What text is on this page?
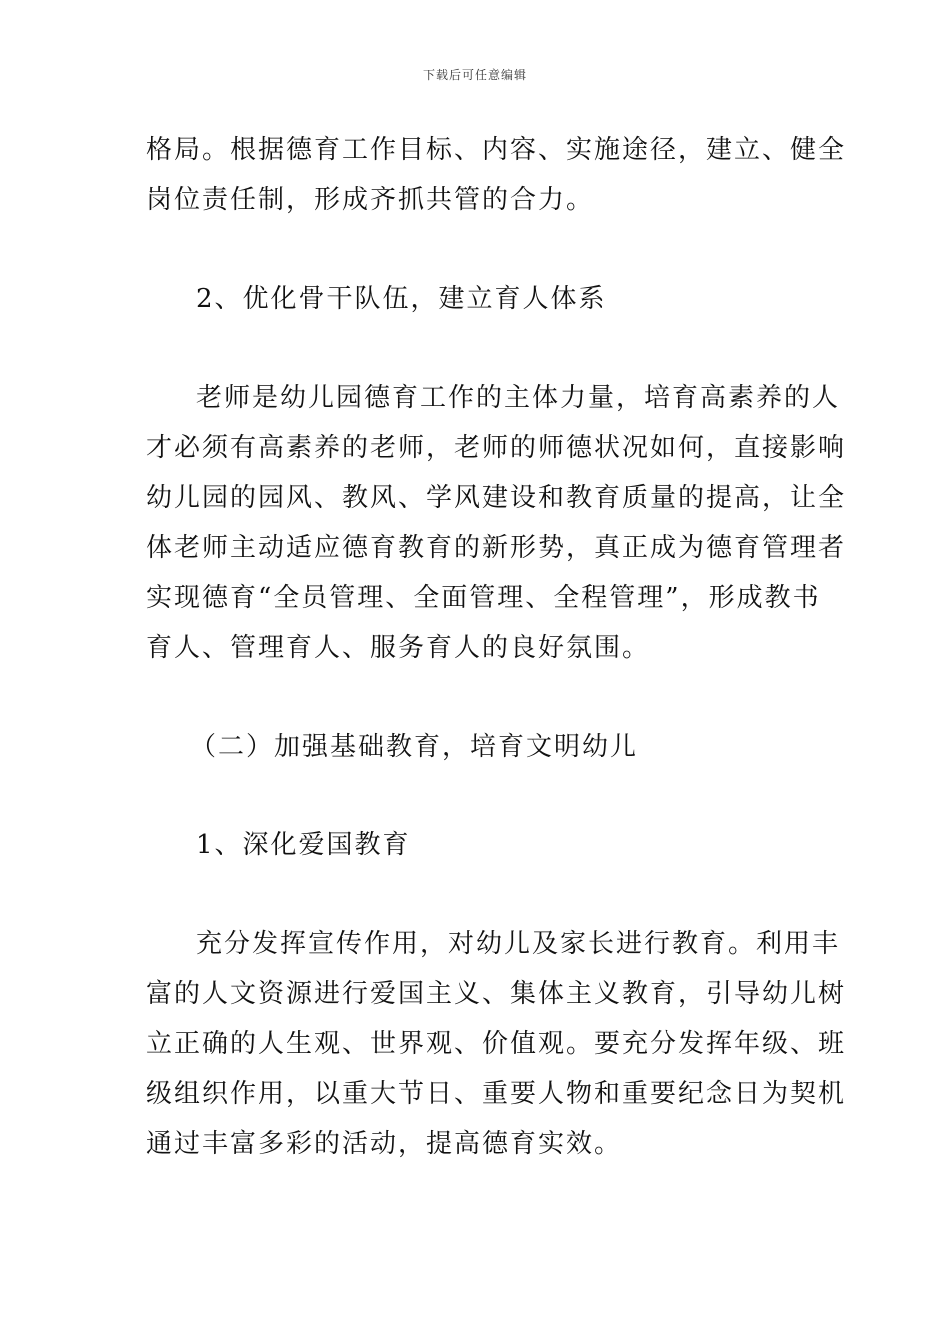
下载后可任意编辑
格局。根据德育工作目标、内容、实施途径，建立、健全
岗位责任制，形成齐抓共管的合力。
2、优化骨干队伍，建立育人体系
老师是幼儿园德育工作的主体力量，培育高素养的人
才必须有高素养的老师，老师的师德状况如何，直接影响
幼儿园的园风、教风、学风建设和教育质量的提高，让全
体老师主动适应德育教育的新形势，真正成为德育管理者
实现德育“全员管理、全面管理、全程管理”，形成教书
育人、管理育人、服务育人的良好氛围。
（二）加强基础教育，培育文明幼儿
1、深化爱国教育
充分发挥宣传作用，对幼儿及家长进行教育。利用丰
富的人文资源进行爱国主义、集体主义教育，引导幼儿树
立正确的人生观、世界观、价值观。要充分发挥年级、班
级组织作用，以重大节日、重要人物和重要纪念日为契机
通过丰富多彩的活动，提高德育实效。
